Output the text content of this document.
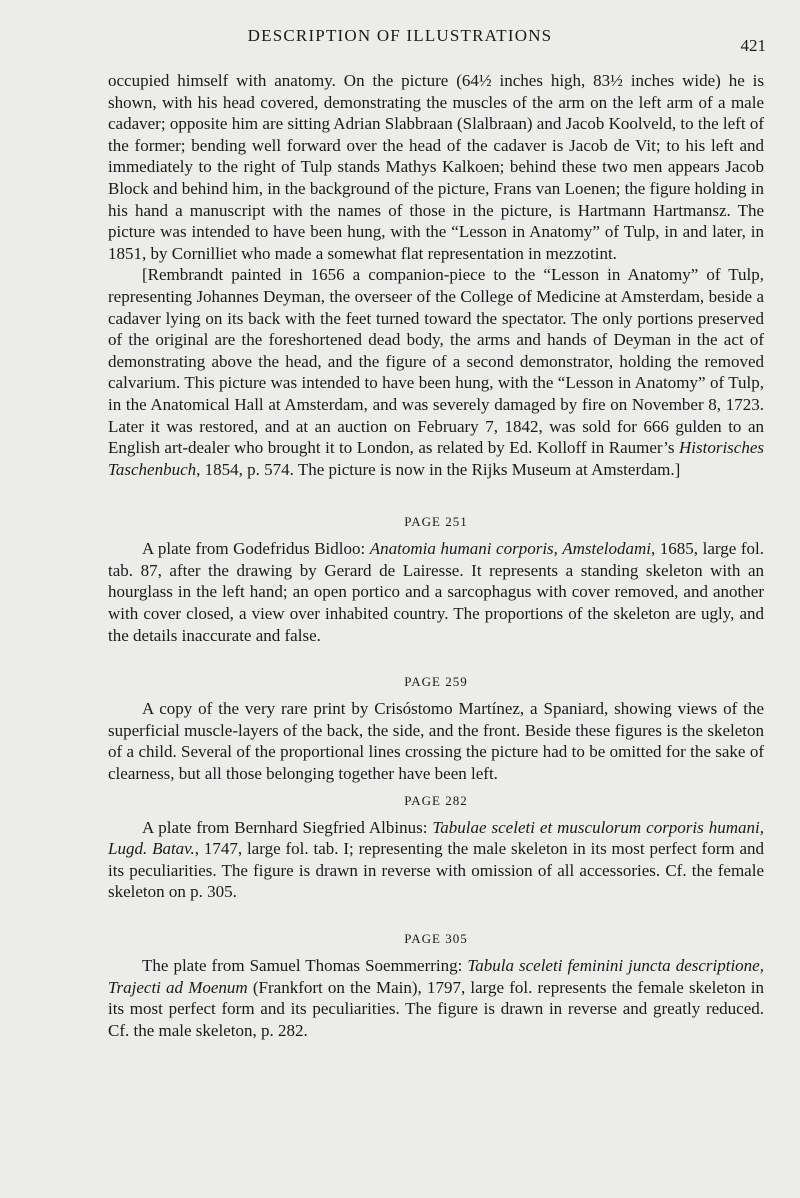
DESCRIPTION OF ILLUSTRATIONS
421

occupied himself with anatomy. On the picture (64½ inches high, 83½ inches wide) he is shown, with his head covered, demonstrating the muscles of the arm on the left arm of a male cadaver; opposite him are sitting Adrian Slabbraan (Slalbraan) and Jacob Koolveld, to the left of the former; bending well forward over the head of the cadaver is Jacob de Vit; to his left and immediately to the right of Tulp stands Mathys Kalkoen; behind these two men appears Jacob Block and behind him, in the background of the picture, Frans van Loenen; the figure holding in his hand a manuscript with the names of those in the picture, is Hartmann Hartmansz. The picture was intended to have been hung, with the “Lesson in Anatomy” of Tulp, in and later, in 1851, by Cornilliet who made a somewhat flat representation in mezzotint.

[Rembrandt painted in 1656 a companion-piece to the “Lesson in Anatomy” of Tulp, representing Johannes Deyman, the overseer of the College of Medicine at Amsterdam, beside a cadaver lying on its back with the feet turned toward the spectator. The only portions preserved of the original are the foreshortened dead body, the arms and hands of Deyman in the act of demonstrating above the head, and the figure of a second demonstrator, holding the removed calvarium. This picture was intended to have been hung, with the “Lesson in Anatomy” of Tulp, in the Anatomical Hall at Amsterdam, and was severely damaged by fire on November 8, 1723. Later it was restored, and at an auction on February 7, 1842, was sold for 666 gulden to an English art-dealer who brought it to London, as related by Ed. Kolloff in Raumer’s Historisches Taschenbuch, 1854, p. 574. The picture is now in the Rijks Museum at Amsterdam.]

PAGE 251

A plate from Godefridus Bidloo: Anatomia humani corporis, Amstelodami, 1685, large fol. tab. 87, after the drawing by Gerard de Lairesse. It represents a standing skeleton with an hourglass in the left hand; an open portico and a sarcophagus with cover removed, and another with cover closed, a view over inhabited country. The proportions of the skeleton are ugly, and the details inaccurate and false.

PAGE 259

A copy of the very rare print by Crisóstomo Martínez, a Spaniard, showing views of the superficial muscle-layers of the back, the side, and the front. Beside these figures is the skeleton of a child. Several of the proportional lines crossing the picture had to be omitted for the sake of clearness, but all those belonging together have been left.

PAGE 282

A plate from Bernhard Siegfried Albinus: Tabulae sceleti et musculorum corporis humani, Lugd. Batav., 1747, large fol. tab. I; representing the male skeleton in its most perfect form and its peculiarities. The figure is drawn in reverse with omission of all accessories. Cf. the female skeleton on p. 305.

PAGE 305

The plate from Samuel Thomas Soemmerring: Tabula sceleti feminini juncta descriptione, Trajecti ad Moenum (Frankfort on the Main), 1797, large fol. represents the female skeleton in its most perfect form and its peculiarities. The figure is drawn in reverse and greatly reduced. Cf. the male skeleton, p. 282.
